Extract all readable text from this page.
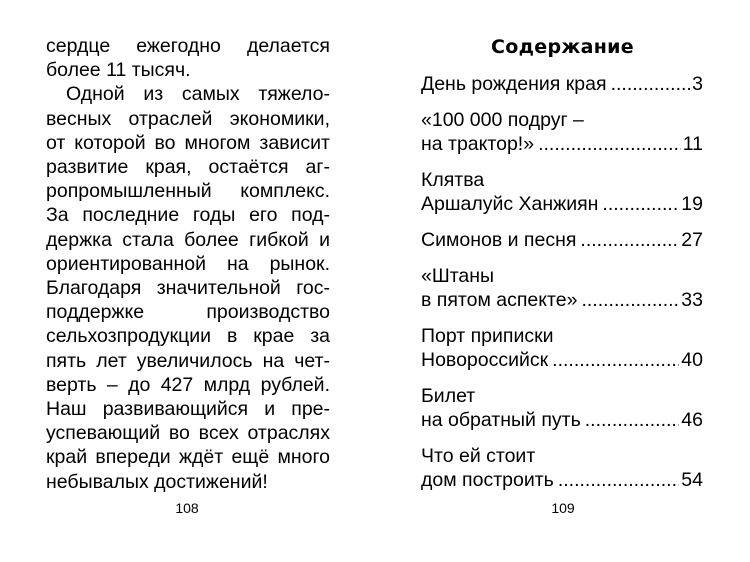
сердце ежегодно делается
более 11 тысяч.

Одной из самых тяжело-
весных отраслей экономики,
от которой во многом зависит
развитие края, остаётся аг-
ропромышленный комплекс.
За последние годы его под-
держка стала более гибкой и
ориентированной на рынок.
Благодаря значительной гос-
поддержке       производство
сельхозпродукции в крае за
пять лет увеличилось на чет-
верть – до 427 млрд рублей.
Наш развивающийся и пре-
успевающий во всех отраслях
край впереди ждёт ещё много
небывалых достижений!

108
Содержание
День рождения края .....	3
«100 000 подруг –
на трактор!» .....	11
Клятва
Аршалуйс Ханжиян .....	19
Симонов и песня .....	27
«Штаны
в пятом аспекте» .....	33
Порт приписки
Новороссийск .....	40
Билет
на обратный путь .....	46
Что ей стоит
дом построить .....	54
109
